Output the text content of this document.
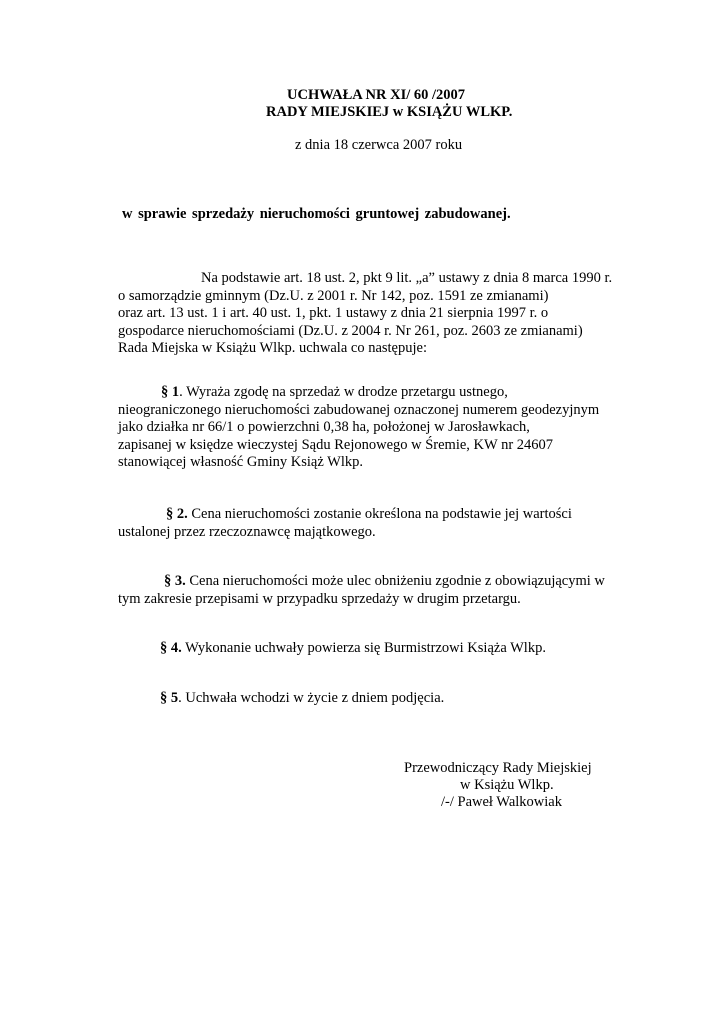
UCHWAŁA NR XI/ 60 /2007
RADY MIEJSKIEJ w KSIĄŻU WLKP.
z dnia 18 czerwca 2007 roku
w sprawie sprzedaży nieruchomości gruntowej zabudowanej.
Na podstawie art. 18 ust. 2, pkt 9 lit. „a” ustawy z dnia 8 marca 1990 r.
o samorządzie gminnym (Dz.U. z 2001 r. Nr 142, poz. 1591 ze zmianami)
oraz art. 13 ust. 1 i art. 40 ust. 1, pkt. 1 ustawy z dnia 21 sierpnia 1997 r. o
gospodarce nieruchomościami (Dz.U. z 2004 r. Nr 261, poz. 2603 ze zmianami)
Rada Miejska w Książu Wlkp. uchwala co następuje:
§ 1. Wyraża zgodę na sprzedaż w drodze przetargu ustnego,
nieograniczonego nieruchomości zabudowanej oznaczonej numerem geodezyjnym
jako działka nr 66/1 o powierzchni 0,38 ha, położonej w Jarosławkach,
zapisanej w księdze wieczystej Sądu Rejonowego w Śremie, KW nr 24607
stanowiącej własność Gminy Książ Wlkp.
§ 2. Cena nieruchomości zostanie określona na podstawie jej wartości
ustalonej przez rzeczoznawcę majątkowego.
§ 3. Cena nieruchomości może ulec obniżeniu zgodnie z obowiązującymi w
tym zakresie przepisami w przypadku sprzedaży w drugim przetargu.
§ 4. Wykonanie uchwały powierza się Burmistrzowi Książa Wlkp.
§ 5. Uchwała wchodzi w życie z dniem podjęcia.
Przewodniczący Rady Miejskiej
w Książu Wlkp.
/-/ Paweł Walkowiak
